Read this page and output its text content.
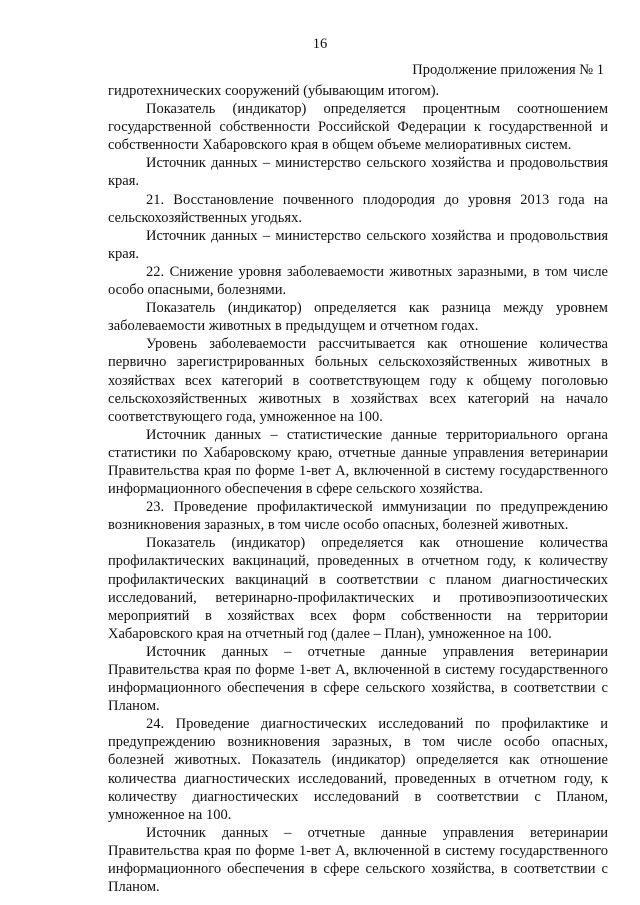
16
Продолжение приложения № 1

гидротехнических сооружений (убывающим итогом).

Показатель (индикатор) определяется процентным соотношением государственной собственности Российской Федерации к государственной и собственности Хабаровского края в общем объеме мелиоративных систем.

Источник данных – министерство сельского хозяйства и продовольствия края.

21. Восстановление почвенного плодородия до уровня 2013 года на сельскохозяйственных угодьях.

Источник данных – министерство сельского хозяйства и продовольствия края.

22. Снижение уровня заболеваемости животных заразными, в том числе особо опасными, болезнями.

Показатель (индикатор) определяется как разница между уровнем заболеваемости животных в предыдущем и отчетном годах.

Уровень заболеваемости рассчитывается как отношение количества первично зарегистрированных больных сельскохозяйственных животных в хозяйствах всех категорий в соответствующем году к общему поголовью сельскохозяйственных животных в хозяйствах всех категорий на начало соответствующего года, умноженное на 100.

Источник данных – статистические данные территориального органа статистики по Хабаровскому краю, отчетные данные управления ветеринарии Правительства края по форме 1-вет А, включенной в систему государственного информационного обеспечения в сфере сельского хозяйства.

23. Проведение профилактической иммунизации по предупреждению возникновения заразных, в том числе особо опасных, болезней животных.

Показатель (индикатор) определяется как отношение количества профилактических вакцинаций, проведенных в отчетном году, к количеству профилактических вакцинаций в соответствии с планом диагностических исследований, ветеринарно-профилактических и противоэпизоотических мероприятий в хозяйствах всех форм собственности на территории Хабаровского края на отчетный год (далее – План), умноженное на 100.

Источник данных – отчетные данные управления ветеринарии Правительства края по форме 1-вет А, включенной в систему государственного информационного обеспечения в сфере сельского хозяйства, в соответствии с Планом.

24. Проведение диагностических исследований по профилактике и предупреждению возникновения заразных, в том числе особо опасных, болезней животных. Показатель (индикатор) определяется как отношение количества диагностических исследований, проведенных в отчетном году, к количеству диагностических исследований в соответствии с Планом, умноженное на 100.

Источник данных – отчетные данные управления ветеринарии Правительства края по форме 1-вет А, включенной в систему государственного информационного обеспечения в сфере сельского хозяйства, в соответствии с Планом.
